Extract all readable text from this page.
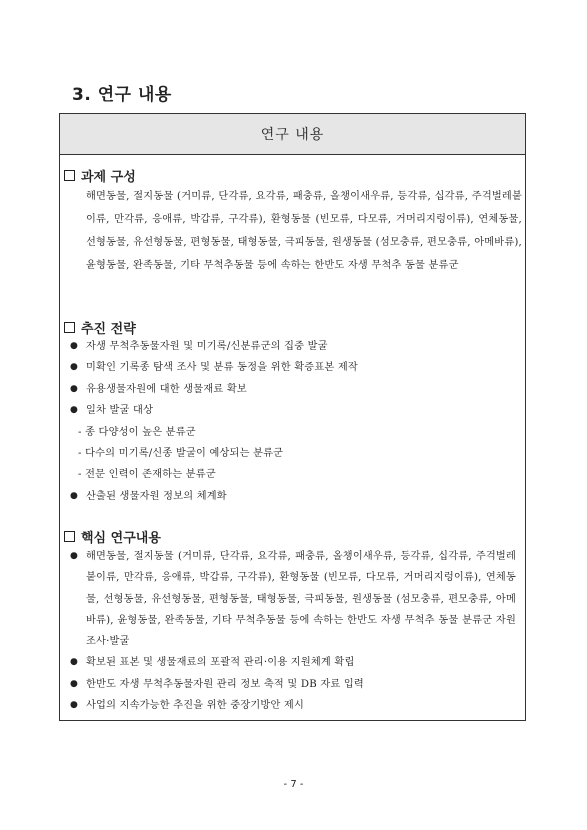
3. 연구 내용
연구 내용
과제 구성

해면동물, 절지동물 (거미류, 단각류, 요각류, 패충류, 올챙이새우류, 등각류, 십각류, 주걱벌레붙이류, 만각류, 응애류, 박갑류, 구각류), 환형동물 (빈모류, 다모류, 거머리지렁이류), 연체동물, 선형동물, 유선형동물, 편형동물, 태형동물, 극피동물, 원생동물 (섬모충류, 편모충류, 아메바류), 윤형동물, 완족동물, 기타 무척추동물 등에 속하는 한반도 자생 무척추 동물 분류군

추진 전략
● 자생 무척추동물자원 및 미기록/신분류군의 집중 발굴
● 미확인 기록종 탐색 조사 및 분류 동정을 위한 확증표본 제작
● 유용생물자원에 대한 생물재료 확보
● 일차 발굴 대상
- 종 다양성이 높은 분류군
- 다수의 미기록/신종 발굴이 예상되는 분류군
- 전문 인력이 존재하는 분류군
● 산출된 생물자원 정보의 체계화
핵심 연구내용
● 해면동물, 절지동물 (거미류, 단각류, 요각류, 패충류, 올챙이새우류, 등각류, 십각류, 주걱벌레붙이류, 만각류, 응애류, 박갑류, 구각류), 환형동물 (빈모류, 다모류, 거머리지렁이류), 연체동물, 선형동물, 유선형동물, 편형동물, 태형동물, 극피동물, 원생동물 (섬모충류, 편모충류, 아메바류), 윤형동물, 완족동물, 기타 무척추동물 등에 속하는 한반도 자생 무척추 동물 분류군 자원 조사·발굴
● 확보된 표본 및 생물재료의 포괄적 관리·이용 지원체계 확립
● 한반도 자생 무척추동물자원 관리 정보 축적 및 DB 자료 입력
● 사업의 지속가능한 추진을 위한 중장기방안 제시
- 7 -
